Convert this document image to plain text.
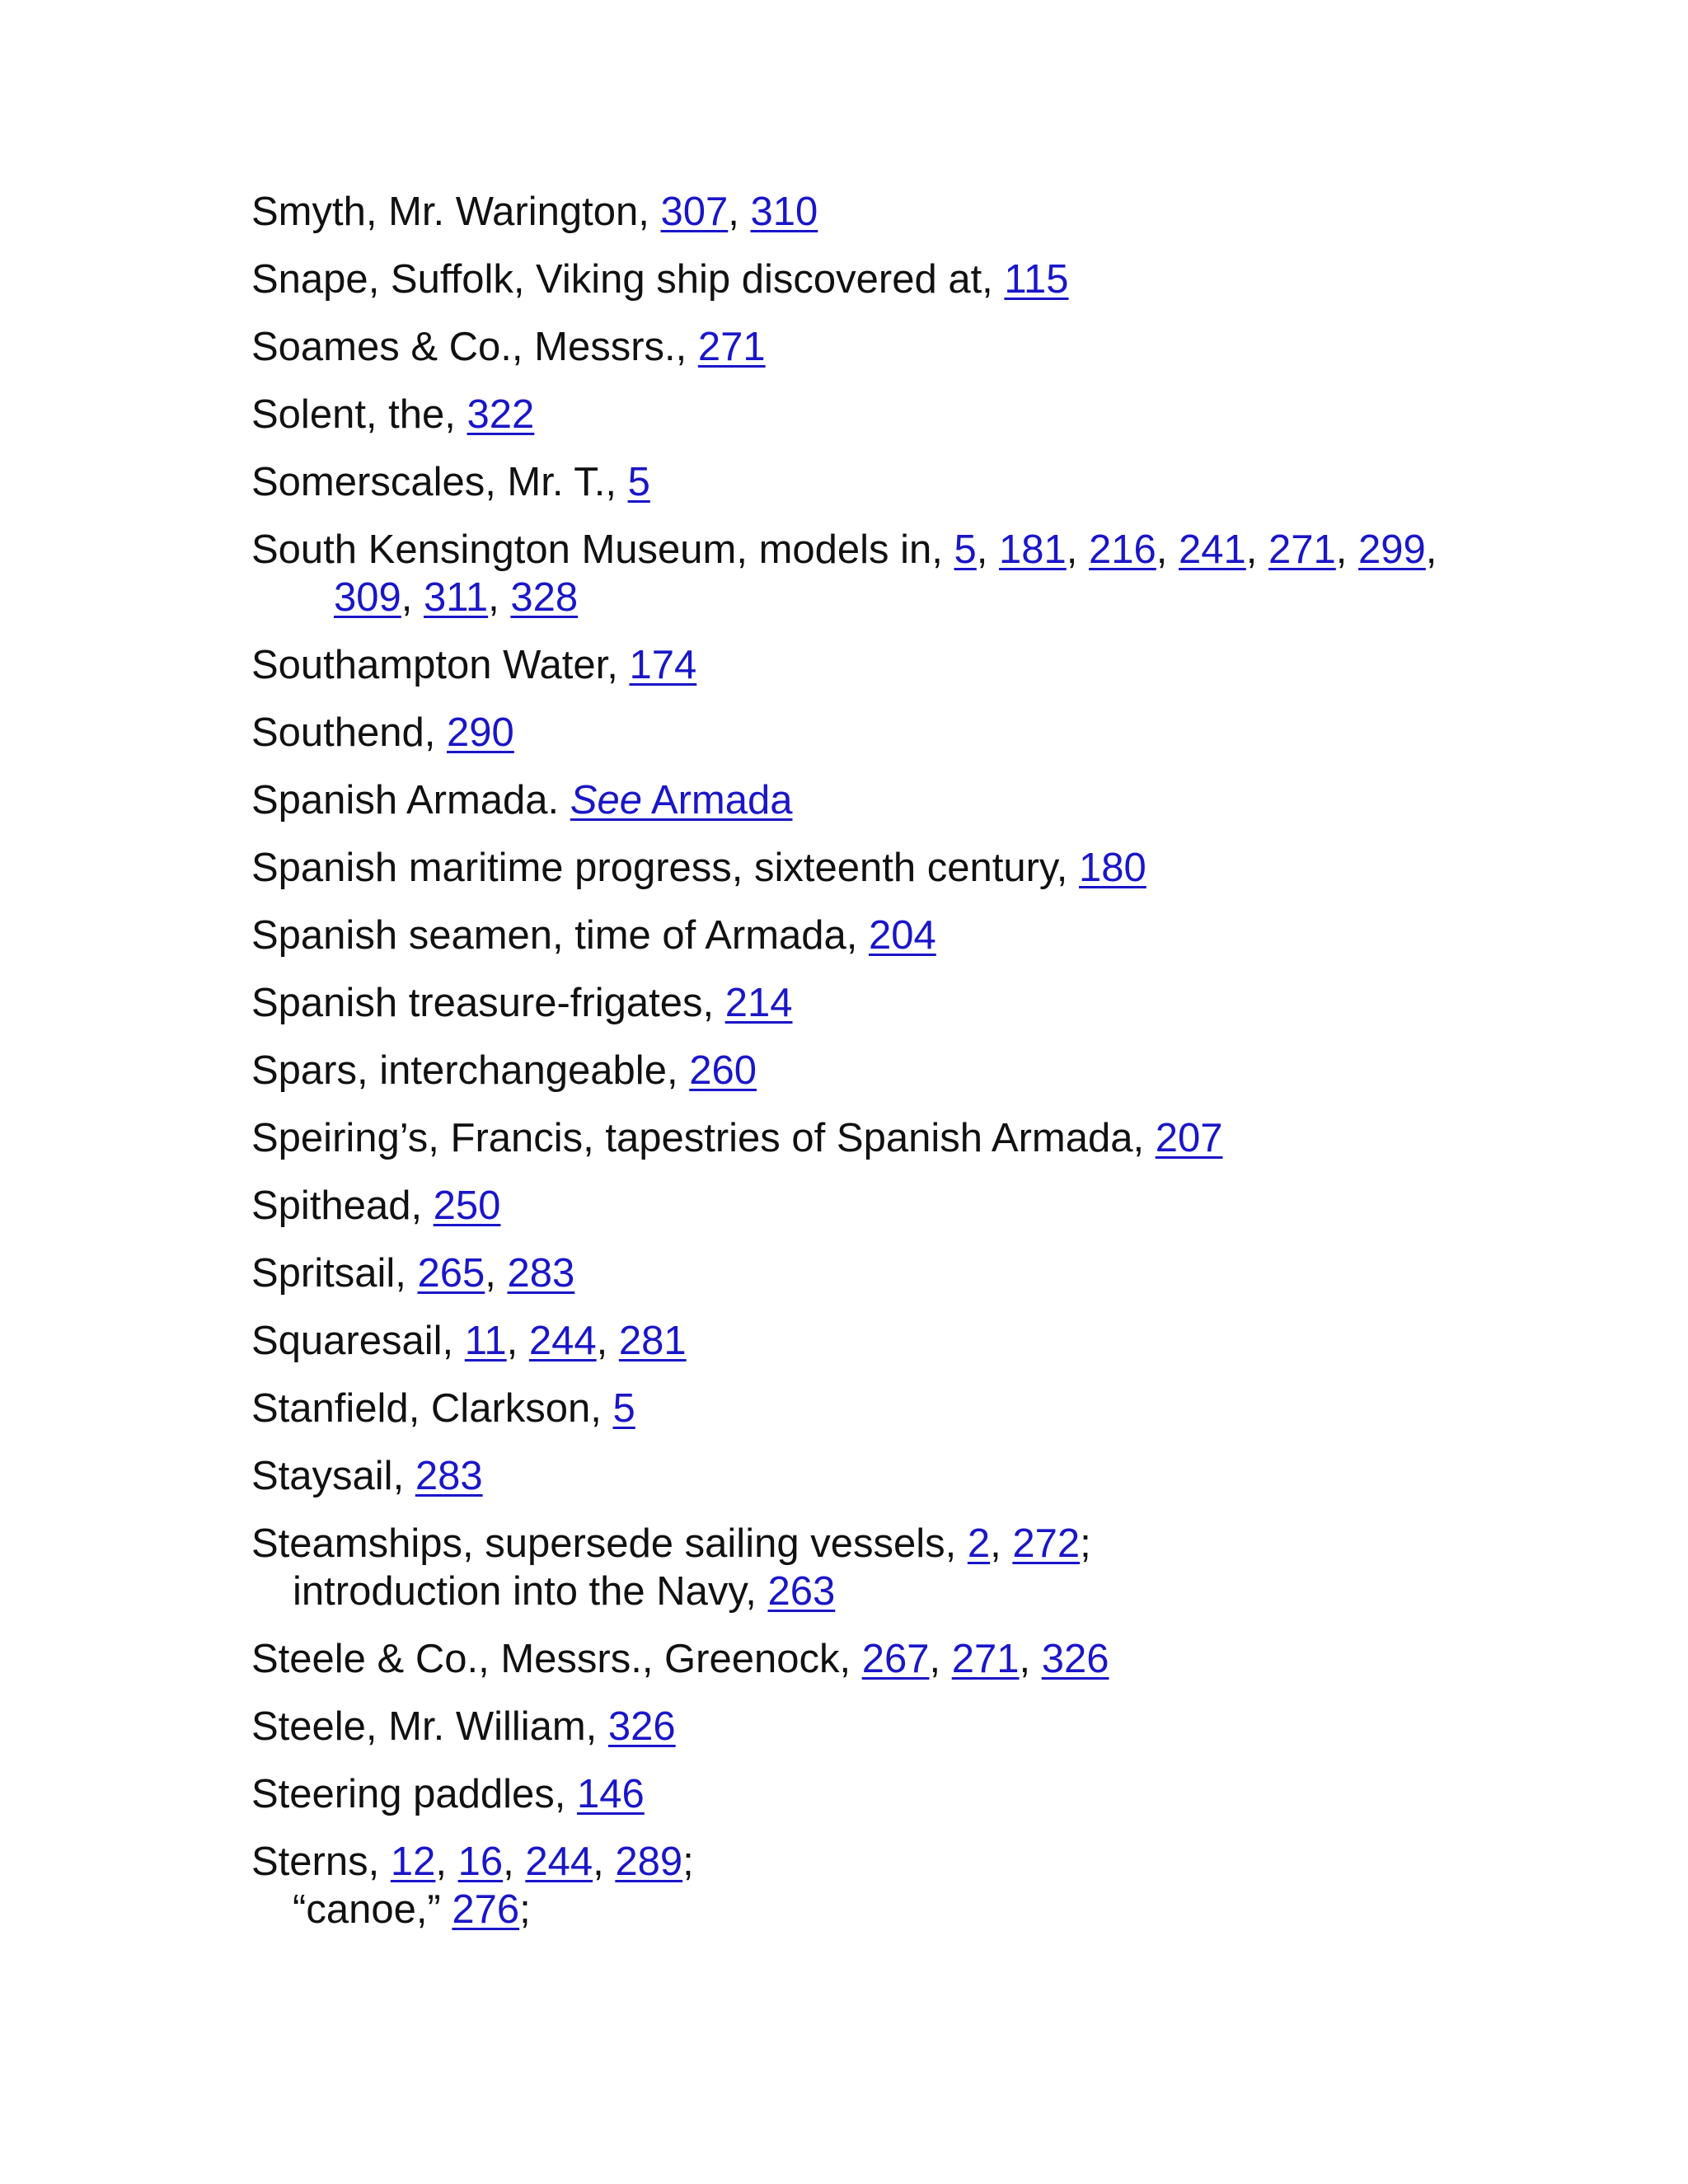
Smyth, Mr. Warington, 307, 310
Snape, Suffolk, Viking ship discovered at, 115
Soames & Co., Messrs., 271
Solent, the, 322
Somerscales, Mr. T., 5
South Kensington Museum, models in, 5, 181, 216, 241, 271, 299,
309, 311, 328
Southampton Water, 174
Southend, 290
Spanish Armada. See Armada
Spanish maritime progress, sixteenth century, 180
Spanish seamen, time of Armada, 204
Spanish treasure-frigates, 214
Spars, interchangeable, 260
Speiring’s, Francis, tapestries of Spanish Armada, 207
Spithead, 250
Spritsail, 265, 283
Squaresail, 11, 244, 281
Stanfield, Clarkson, 5
Staysail, 283
Steamships, supersede sailing vessels, 2, 272;
introduction into the Navy, 263
Steele & Co., Messrs., Greenock, 267, 271, 326
Steele, Mr. William, 326
Steering paddles, 146
Sterns, 12, 16, 244, 289;
“canoe,” 276;
